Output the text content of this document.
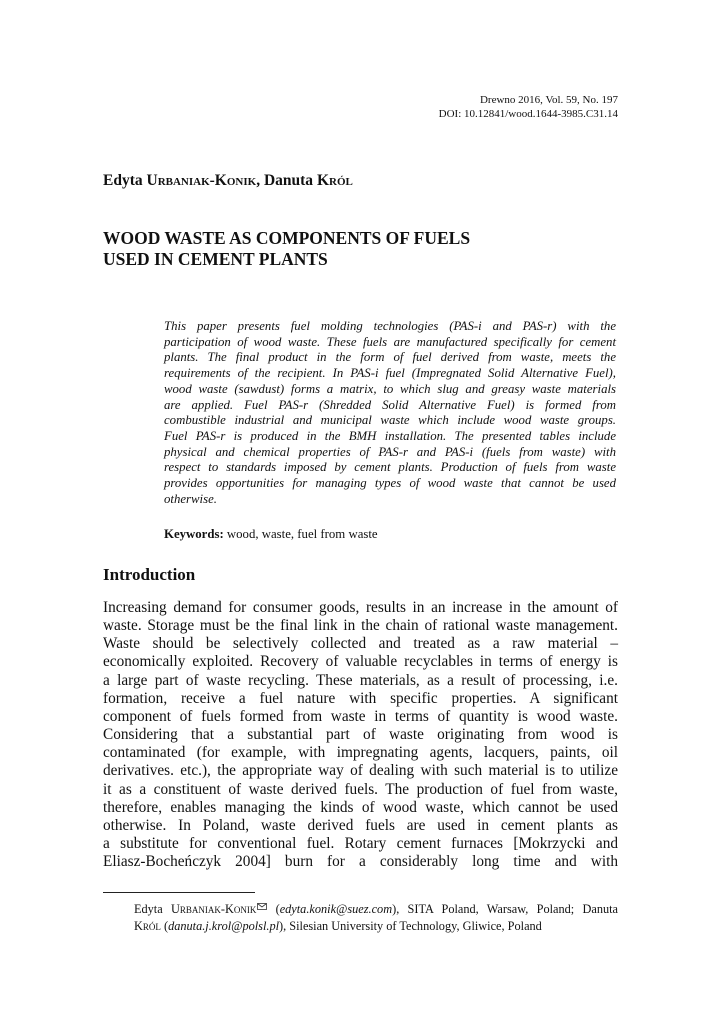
Drewno 2016, Vol. 59, No. 197
DOI: 10.12841/wood.1644-3985.C31.14
Edyta Urbaniak-Konik, Danuta Król
WOOD WASTE AS COMPONENTS OF FUELS
USED IN CEMENT PLANTS
This paper presents fuel molding technologies (PAS-i and PAS-r) with the
participation of wood waste. These fuels are manufactured specifically for cement
plants. The final product in the form of fuel derived from waste, meets the
requirements of the recipient. In PAS-i fuel (Impregnated Solid Alternative Fuel),
wood waste (sawdust) forms a matrix, to which slug and greasy waste materials
are applied. Fuel PAS-r (Shredded Solid Alternative Fuel) is formed from
combustible industrial and municipal waste which include wood waste groups.
Fuel PAS-r is produced in the BMH installation. The presented tables include
physical and chemical properties of PAS-r and PAS-i (fuels from waste) with
respect to standards imposed by cement plants. Production of fuels from waste
provides opportunities for managing types of wood waste that cannot be used
otherwise.
Keywords: wood, waste, fuel from waste
Introduction
Increasing demand for consumer goods, results in an increase in the amount of
waste. Storage must be the final link in the chain of rational waste management.
Waste should be selectively collected and treated as a raw material –
economically exploited. Recovery of valuable recyclables in terms of energy is
a large part of waste recycling. These materials, as a result of processing, i.e.
formation, receive a fuel nature with specific properties. A significant
component of fuels formed from waste in terms of quantity is wood waste.
Considering that a substantial part of waste originating from wood is
contaminated (for example, with impregnating agents, lacquers, paints, oil
derivatives. etc.), the appropriate way of dealing with such material is to utilize
it as a constituent of waste derived fuels. The production of fuel from waste,
therefore, enables managing the kinds of wood waste, which cannot be used
otherwise. In Poland, waste derived fuels are used in cement plants as
a substitute for conventional fuel. Rotary cement furnaces [Mokrzycki and
Eliasz-Bocheńczyk 2004] burn for a considerably long time and with
Edyta Urbaniak-Konik (edyta.konik@suez.com), SITA Poland, Warsaw, Poland; Danuta
Król (danuta.j.krol@polsl.pl), Silesian University of Technology, Gliwice, Poland
